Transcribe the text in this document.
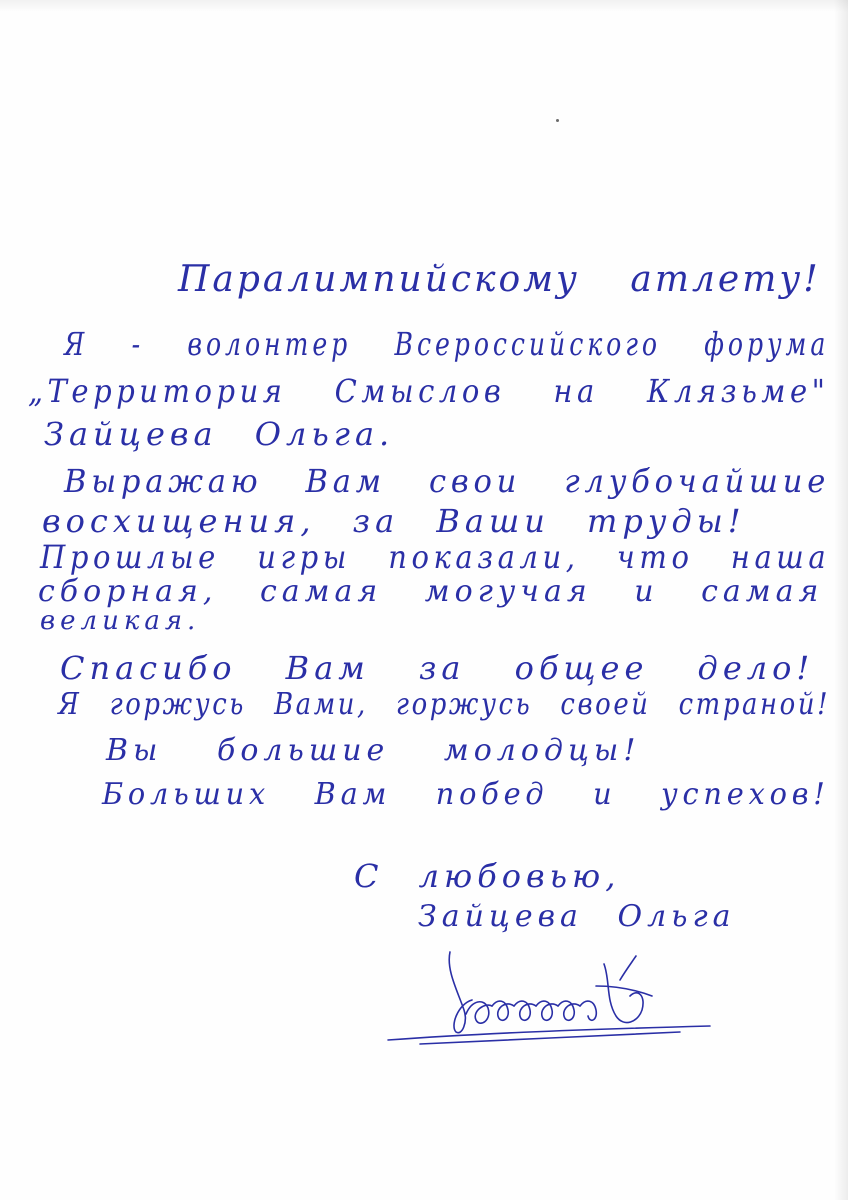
Паралимпийскому атлету!
Я - волонтер Всероссийского форума
„Территория Смыслов на Клязьме"
Зайцева Ольга.
Выражаю Вам свои глубочайшие
восхищения, за Ваши труды!
Прошлые игры показали, что наша
сборная, самая могучая и самая
великая.
Спасибо Вам за общее дело!
Я горжусь Вами, горжусь своей страной!
Вы большие молодцы!
Больших Вам побед и успехов!
С любовью,
Зайцева Ольга
